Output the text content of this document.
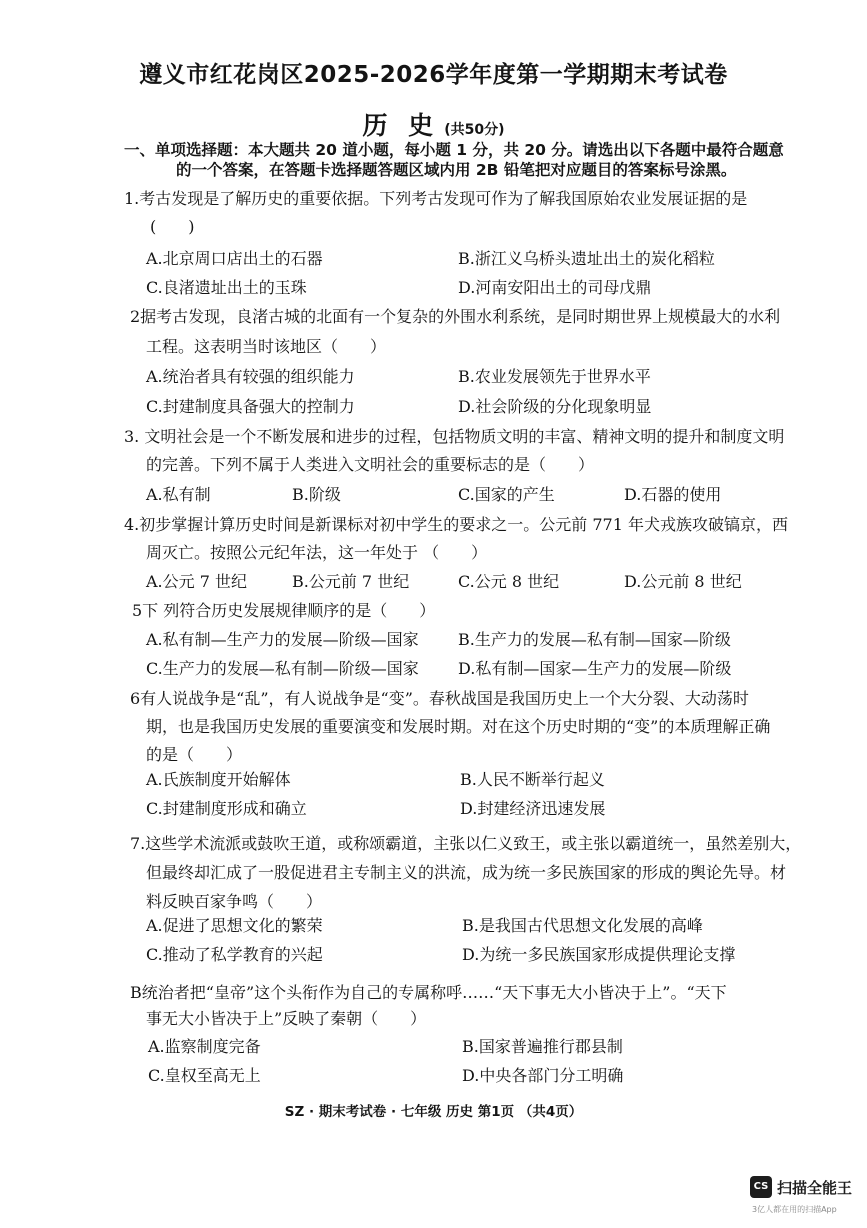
遵义市红花岗区2025-2026学年度第一学期期末考试卷
历 史 (共50分)
一、单项选择题：本大题共 20 道小题，每小题 1 分，共 20 分。请选出以下各题中最符合题意
的一个答案，在答题卡选择题答题区域内用 2B 铅笔把对应题目的答案标号涂黑。
1.考古发现是了解历史的重要依据。下列考古发现可作为了解我国原始农业发展证据的是
(　　)
A.北京周口店出土的石器	B.浙江义乌桥头遗址出土的炭化稻粒
C.良渚遗址出土的玉珠	D.河南安阳出土的司母戊鼎
2据考古发现，良渚古城的北面有一个复杂的外围水利系统，是同时期世界上规模最大的水利
工程。这表明当时该地区（　　）
A.统治者具有较强的组织能力	B.农业发展领先于世界水平
C.封建制度具备强大的控制力	D.社会阶级的分化现象明显
3. 文明社会是一个不断发展和进步的过程，包括物质文明的丰富、精神文明的提升和制度文明
的完善。下列不属于人类进入文明社会的重要标志的是（　　）
A.私有制	B.阶级	C.国家的产生	D.石器的使用
4.初步掌握计算历史时间是新课标对初中学生的要求之一。公元前 771 年犬戎族攻破镐京，西
周灭亡。按照公元纪年法，这一年处于 （　　）
A.公元 7 世纪	B.公元前 7 世纪	C.公元 8 世纪	D.公元前 8 世纪
5下 列符合历史发展规律顺序的是（　　）
A.私有制—生产力的发展—阶级—国家 B.生产力的发展—私有制—国家—阶级
C.生产力的发展—私有制—阶级—国家 D.私有制—国家—生产力的发展—阶级
6有人说战争是“乱”，有人说战争是“变”。春秋战国是我国历史上一个大分裂、大动荡时
期，也是我国历史发展的重要演变和发展时期。对在这个历史时期的“变”的本质理解正确
的是（　　）
A.氏族制度开始解体	B.人民不断举行起义
C.封建制度形成和确立	D.封建经济迅速发展
7.这些学术流派或鼓吹王道，或称颂霸道，主张以仁义致王，或主张以霸道统一，虽然差别大，
但最终却汇成了一股促进君主专制主义的洪流，成为统一多民族国家的形成的舆论先导。材
料反映百家争鸣（　　）
A.促进了思想文化的繁荣	B.是我国古代思想文化发展的高峰
C.推动了私学教育的兴起	D.为统一多民族国家形成提供理论支撑
B统治者把“皇帝”这个头衔作为自己的专属称呼……“天下事无大小皆决于上”。“天下
事无大小皆决于上”反映了秦朝（　　）
A.监察制度完备	B.国家普遍推行郡县制
C.皇权至高无上	D.中央各部门分工明确
SZ · 期末考试卷 · 七年级 历史 第1页 （共4页）
CS 扫描全能王
3亿人都在用的扫描App
